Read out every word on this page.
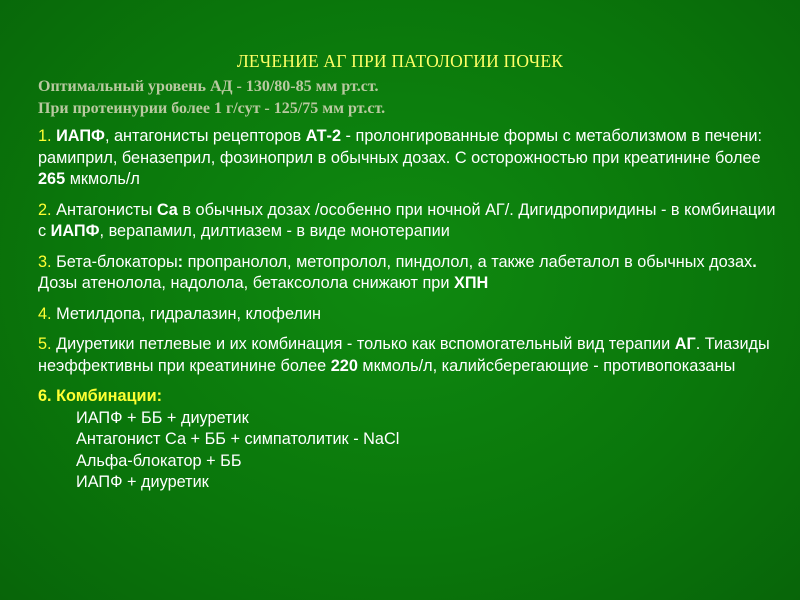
ЛЕЧЕНИЕ АГ ПРИ ПАТОЛОГИИ ПОЧЕК
Оптимальный уровень АД - 130/80-85 мм рт.ст.
При протеинурии более 1 г/сут - 125/75 мм рт.ст.
1. ИАПФ, антагонисты рецепторов АТ-2 - пролонгированные формы с метаболизмом в печени: рамиприл, беназеприл, фозиноприл в обычных дозах. С осторожностью при креатинине более 265 мкмоль/л
2. Антагонисты Са в обычных дозах /особенно при ночной АГ/. Дигидропиридины - в комбинации с ИАПФ, верапамил, дилтиазем - в виде монотерапии
3. Бета-блокаторы: пропранолол, метопролол, пиндолол, а также лабеталол в обычных дозах. Дозы атенолола, надолола, бетаксолола снижают при ХПН
4. Метилдопа, гидралазин, клофелин
5. Диуретики петлевые и их комбинация - только как вспомогательный вид терапии АГ. Тиазиды неэффективны при креатинине более 220 мкмоль/л, калийсберегающие - противопоказаны
6. Комбинации:
ИАПФ + ББ + диуретик
Антагонист Са + ББ + симпатолитик - NaCl
Альфа-блокатор + ББ
ИАПФ + диуретик
